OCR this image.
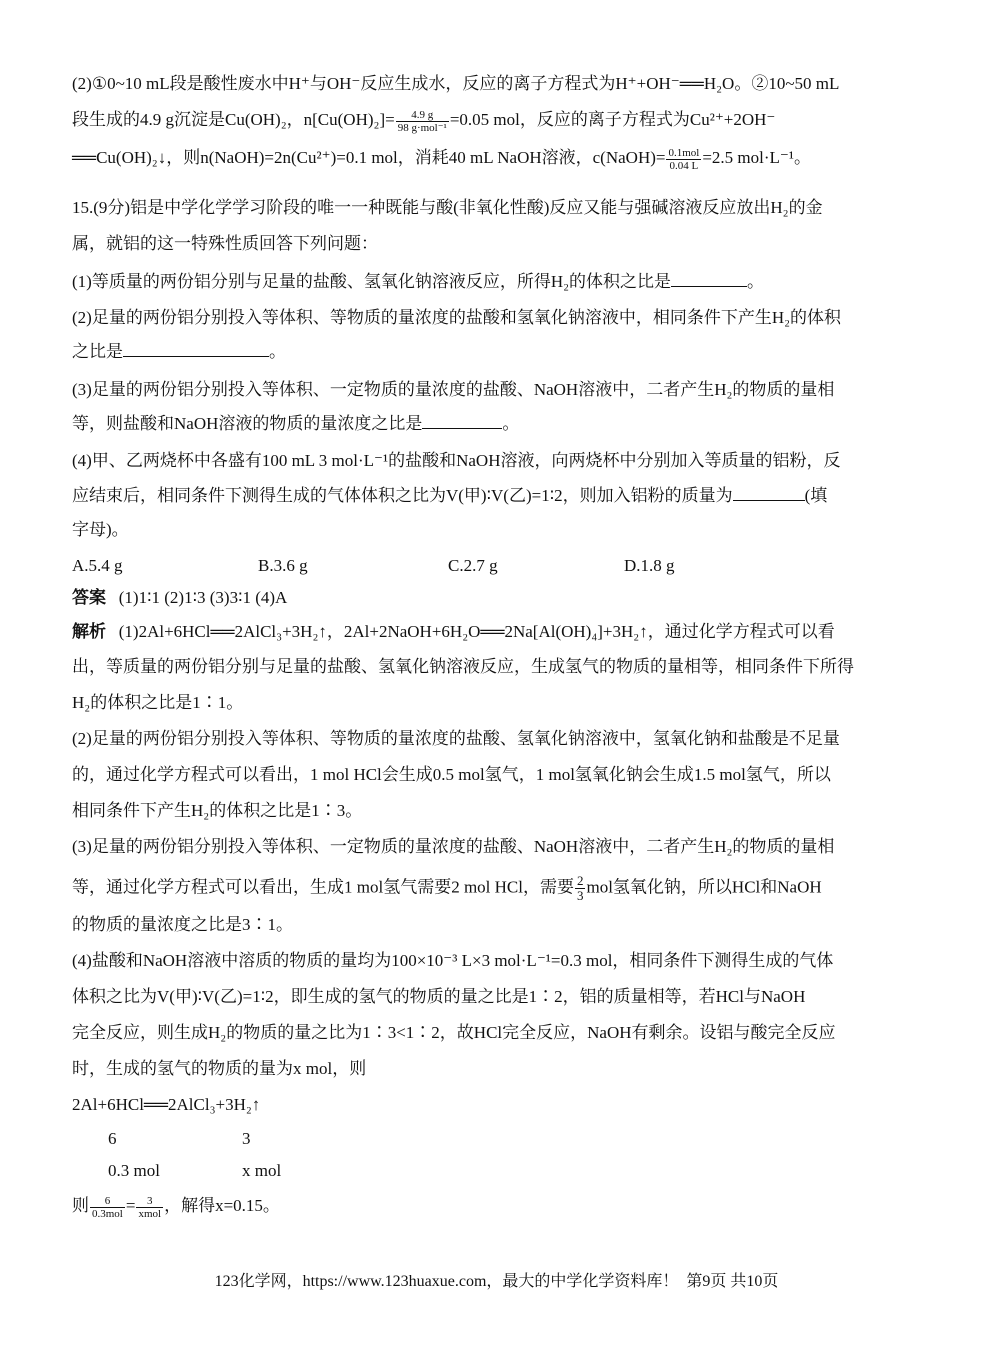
(2)①0~10 mL段是酸性废水中H⁺与OH⁻反应生成水，反应的离子方程式为H⁺+OH⁻══H₂O。②10~50 mL
段生成的4.9 g沉淀是Cu(OH)₂，$n[Cu(OH)_2]= \frac{4.9 g}{\text{98 g·mol⁻¹}} =0.05$ mol，反应的离子方程式为Cu²⁺+2OH⁻
══Cu(OH)₂↓，则n(NaOH)=2n(Cu²⁺)=0.1 mol，消耗40 mL NaOH溶液，c(NaOH)= $\frac{\text{0.1mol}}{0.04 L} =2.5$ mol·L⁻¹。
15.(9分)铝是中学化学学习阶段的唯一一种既能与酸(非氧化性酸)反应又能与强碱溶液反应放出H₂的金
属，就铝的这一特殊性质回答下列问题：
(1)等质量的两份铝分别与足量的盐酸、氢氧化钠溶液反应，所得H₂的体积之比是	。
(2)足量的两份铝分别投入等体积、等物质的量浓度的盐酸和氢氧化钠溶液中，相同条件下产生H₂的体积
之比是	。
(3)足量的两份铝分别投入等体积、一定物质的量浓度的盐酸、NaOH溶液中，二者产生H₂的物质的量相
等，则盐酸和NaOH溶液的物质的量浓度之比是	。
(4)甲、乙两烧杯中各盛有100 mL 3 mol·L⁻¹的盐酸和NaOH溶液，向两烧杯中分别加入等质量的铝粉，反
应结束后，相同条件下测得生成的气体体积之比为V(甲)∶V(乙)=1∶2，则加入铝粉的质量为	(填
字母)。
A.5.4 g	B.3.6 g	C.2.7 g	D.1.8 g
答案 (1)1∶1 (2)1∶3 (3)3∶1 (4)A
解析 (1)2Al+6HCl══2AlCl₃+3H₂↑，2Al+2NaOH+6H₂O══2Na[Al(OH)₄]+3H₂↑，通过化学方程式可以看
出，等质量的两份铝分别与足量的盐酸、氢氧化钠溶液反应，生成氢气的物质的量相等，相同条件下所得
H₂的体积之比是1∶1。
(2)足量的两份铝分别投入等体积、等物质的量浓度的盐酸、氢氧化钠溶液中，氢氧化钠和盐酸是不足量
的，通过化学方程式可以看出，1 mol HCl会生成0.5 mol氢气，1 mol氢氧化钠会生成1.5 mol氢气，所以
相同条件下产生H₂的体积之比是1∶3。
(3)足量的两份铝分别投入等体积、一定物质的量浓度的盐酸、NaOH溶液中，二者产生H₂的物质的量相
等，通过化学方程式可以看出，生成1 mol氢气需要2 mol HCl，需要 $\frac{2}{3}$ mol氢氧化钠，所以HCl和NaOH
的物质的量浓度之比是3∶1。
(4)盐酸和NaOH溶液中溶质的物质的量均为100×10⁻³ L×3 mol·L⁻¹=0.3 mol，相同条件下测得生成的气体
体积之比为V(甲)∶V(乙)=1∶2，即生成的氢气的物质的量之比是1∶2，铝的质量相等，若HCl与NaOH
完全反应，则生成H₂的物质的量之比为1∶3<1∶2，故HCl完全反应，NaOH有剩余。设铝与酸完全反应
时，生成的氢气的物质的量为x mol，则
2Al+6HCl══2AlCl₃+3H₂↑
6	3
0.3 mol	x mol
则 $\frac{6}{\text{0.3mol}} = \frac{3}{\text{xmol}}$ ，解得x=0.15。
123化学网，https://www.123huaxue.com，最大的中学化学资料库！ 第9页 共10页
